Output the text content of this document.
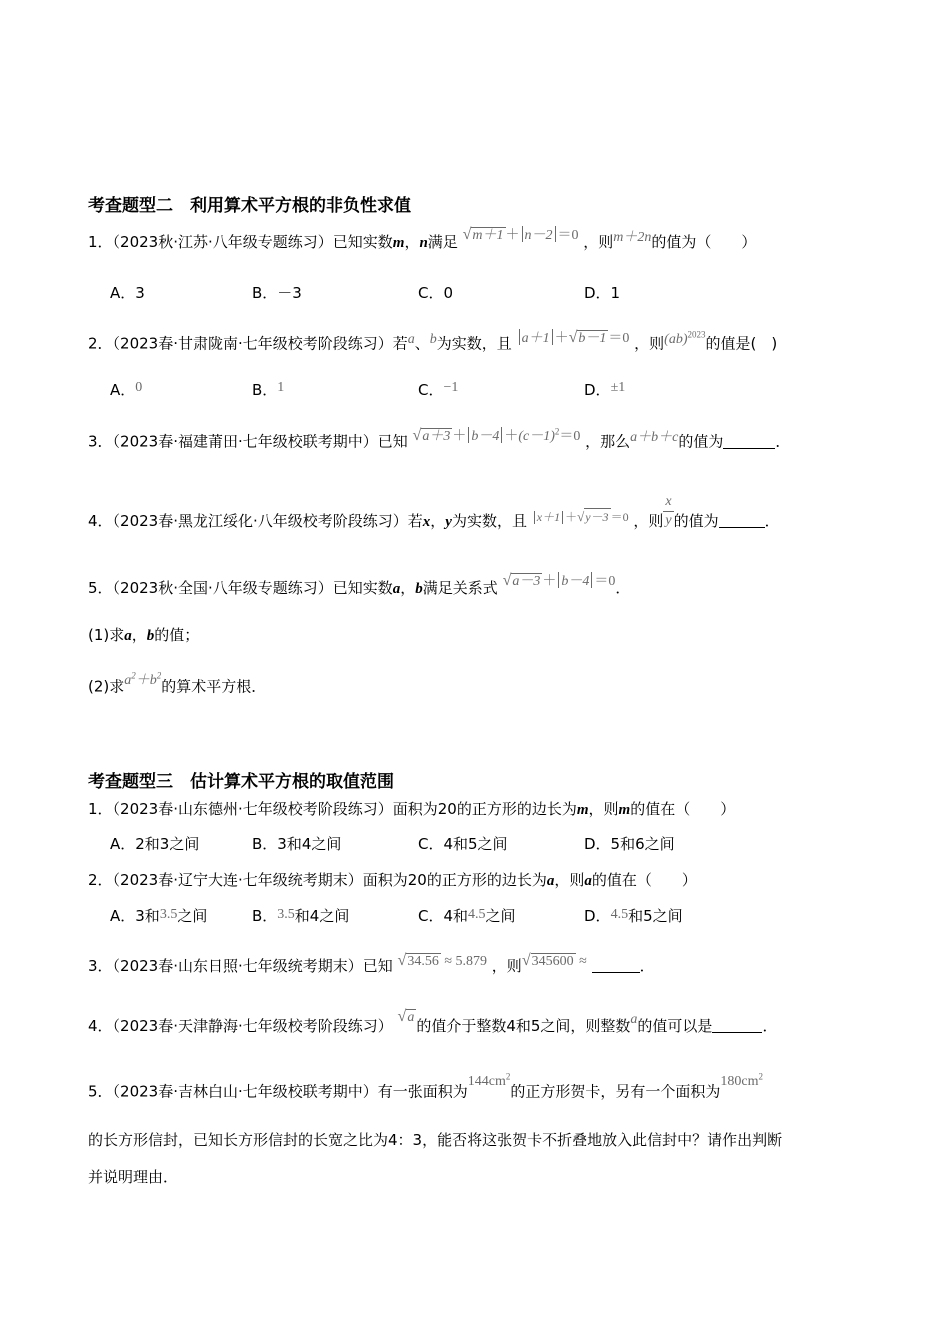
考查题型二　利用算术平方根的非负性求值
1．（2023秋·江苏·八年级专题练习）已知实数m，n满足 √m＋1 ＋ n－2 ＝0 ，则m＋2n的值为（　　）
A．3	B．－3	C．0	D．1
2．（2023春·甘肃陇南·七年级校考阶段练习）若a、b为实数，且 a＋1 ＋√b－1 ＝0 ，则(ab)$^{2023}$的值是(　)
A．0	B．1	C．−1	D．±1
3．（2023春·福建莆田·七年级校联考期中）已知 $√a+3 + b-4 +(c-1)^2=0$ ，那么a＋b＋c的值为	．
4．（2023春·黑龙江绥化·八年级校考阶段练习）若x，y为实数，且 $^{x+1 +√y-3 =0}$ ，则 $\frac{x}{y}$ 的值为	．
5．（2023秋·全国·八年级专题练习）已知实数a，b满足关系式 √a－3 ＋ b－4 ＝0．
(1)求a，b的值；
(2)求$a^2+b^2$的算术平方根．
考查题型三　估计算术平方根的取值范围
1．（2023春·山东德州·七年级校考阶段练习）面积为20的正方形的边长为m，则m的值在（　　）
A．2和3之间	B．3和4之间	C．4和5之间	D．5和6之间
2．（2023春·辽宁大连·七年级统考期末）面积为20的正方形的边长为a，则a的值在（　　）
A．3和3.5之间	B．3.5和4之间	C．4和4.5之间	D．4.5和5之间
3．（2023春·山东日照·七年级统考期末）已知 √34.56 ≈ 5.879 ，则√345600 ≈	．
4．（2023春·天津静海·七年级校考阶段练习） √a 的值介于整数4和5之间，则整数a的值可以是	．
5．（2023春·吉林白山·七年级校联考期中）有一张面积为$144cm^2$的正方形贺卡，另有一个面积为$180cm^2$
的长方形信封，已知长方形信封的长宽之比为4：3，能否将这张贺卡不折叠地放入此信封中？请作出判断
并说明理由．
